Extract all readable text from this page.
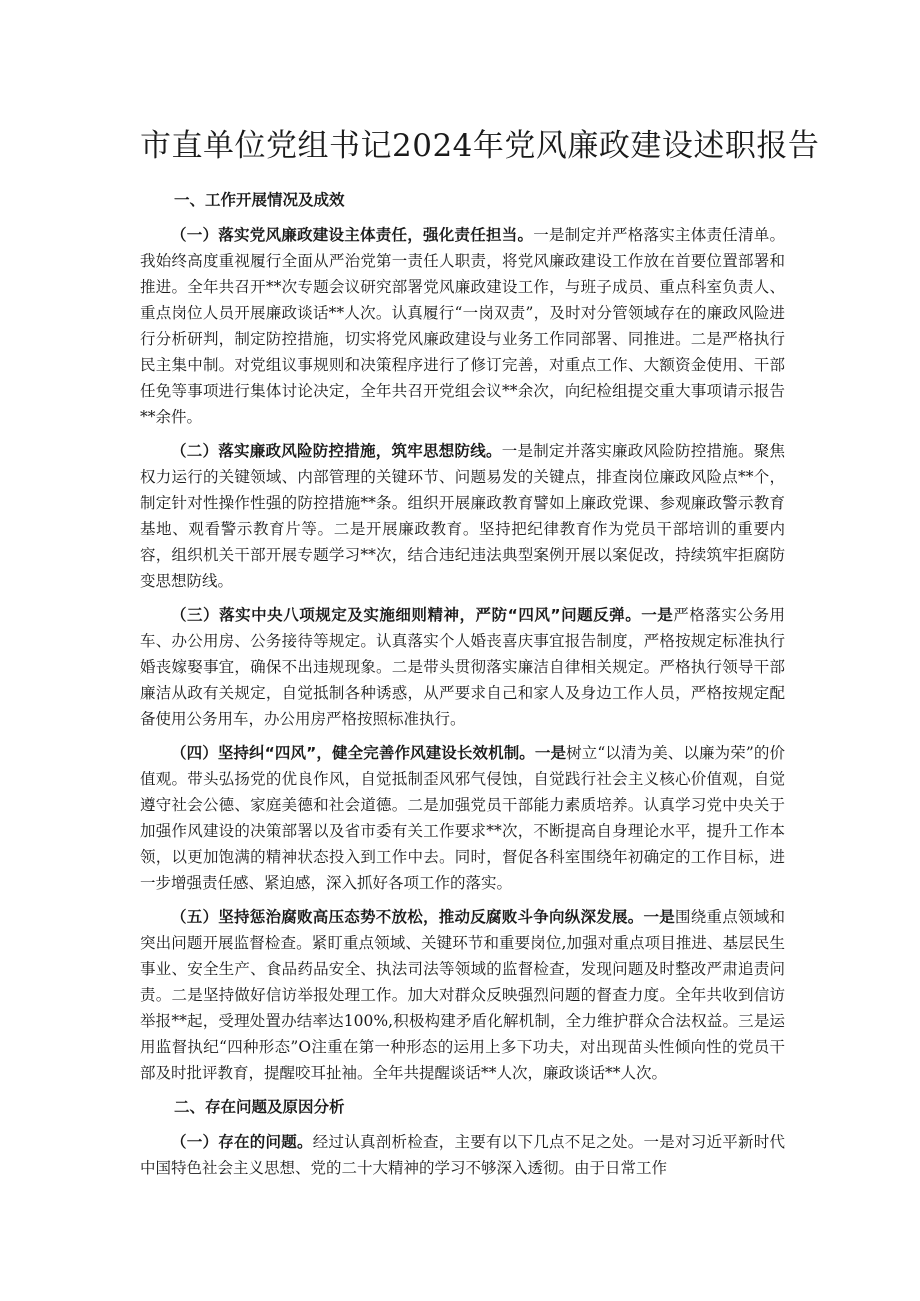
市直单位党组书记2024年党风廉政建设述职报告
一、工作开展情况及成效

（一）落实党风廉政建设主体责任，强化责任担当。一是制定并严格落实主体责任清单。我始终高度重视履行全面从严治党第一责任人职责，将党风廉政建设工作放在首要位置部署和推进。全年共召开**次专题会议研究部署党风廉政建设工作，与班子成员、重点科室负责人、重点岗位人员开展廉政谈话**人次。认真履行“一岗双责”，及时对分管领域存在的廉政风险进行分析研判，制定防控措施，切实将党风廉政建设与业务工作同部署、同推进。二是严格执行民主集中制。对党组议事规则和决策程序进行了修订完善，对重点工作、大额资金使用、干部任免等事项进行集体讨论决定，全年共召开党组会议**余次，向纪检组提交重大事项请示报告**余件。

（二）落实廉政风险防控措施，筑牢思想防线。一是制定并落实廉政风险防控措施。聚焦权力运行的关键领域、内部管理的关键环节、问题易发的关键点，排查岗位廉政风险点**个，制定针对性操作性强的防控措施**条。组织开展廉政教育譬如上廉政党课、参观廉政警示教育基地、观看警示教育片等。二是开展廉政教育。坚持把纪律教育作为党员干部培训的重要内容，组织机关干部开展专题学习**次，结合违纪违法典型案例开展以案促改，持续筑牢拒腐防变思想防线。

（三）落实中央八项规定及实施细则精神，严防“四风”问题反弹。一是严格落实公务用车、办公用房、公务接待等规定。认真落实个人婚丧喜庆事宜报告制度，严格按规定标准执行婚丧嫁娶事宜，确保不出违规现象。二是带头贯彻落实廉洁自律相关规定。严格执行领导干部廉洁从政有关规定，自觉抵制各种诱惑，从严要求自己和家人及身边工作人员，严格按规定配备使用公务用车，办公用房严格按照标准执行。

（四）坚持纠“四风”，健全完善作风建设长效机制。一是树立“以清为美、以廉为荣”的价值观。带头弘扬党的优良作风，自觉抵制歪风邪气侵蚀，自觉践行社会主义核心价值观，自觉遵守社会公德、家庭美德和社会道德。二是加强党员干部能力素质培养。认真学习党中央关于加强作风建设的决策部署以及省市委有关工作要求**次，不断提高自身理论水平，提升工作本领，以更加饱满的精神状态投入到工作中去。同时，督促各科室围绕年初确定的工作目标，进一步增强责任感、紧迫感，深入抓好各项工作的落实。

（五）坚持惩治腐败高压态势不放松，推动反腐败斗争向纵深发展。一是围绕重点领域和突出问题开展监督检查。紧盯重点领域、关键环节和重要岗位,加强对重点项目推进、基层民生事业、安全生产、食品药品安全、执法司法等领域的监督检查，发现问题及时整改严肃追责问责。二是坚持做好信访举报处理工作。加大对群众反映强烈问题的督查力度。全年共收到信访举报**起，受理处置办结率达100%,积极构建矛盾化解机制，全力维护群众合法权益。三是运用监督执纪“四种形态”O注重在第一种形态的运用上多下功夫，对出现苗头性倾向性的党员干部及时批评教育，提醒咬耳扯袖。全年共提醒谈话**人次，廉政谈话**人次。

二、存在问题及原因分析

（一）存在的问题。经过认真剖析检查，主要有以下几点不足之处。一是对习近平新时代中国特色社会主义思想、党的二十大精神的学习不够深入透彻。由于日常工作
